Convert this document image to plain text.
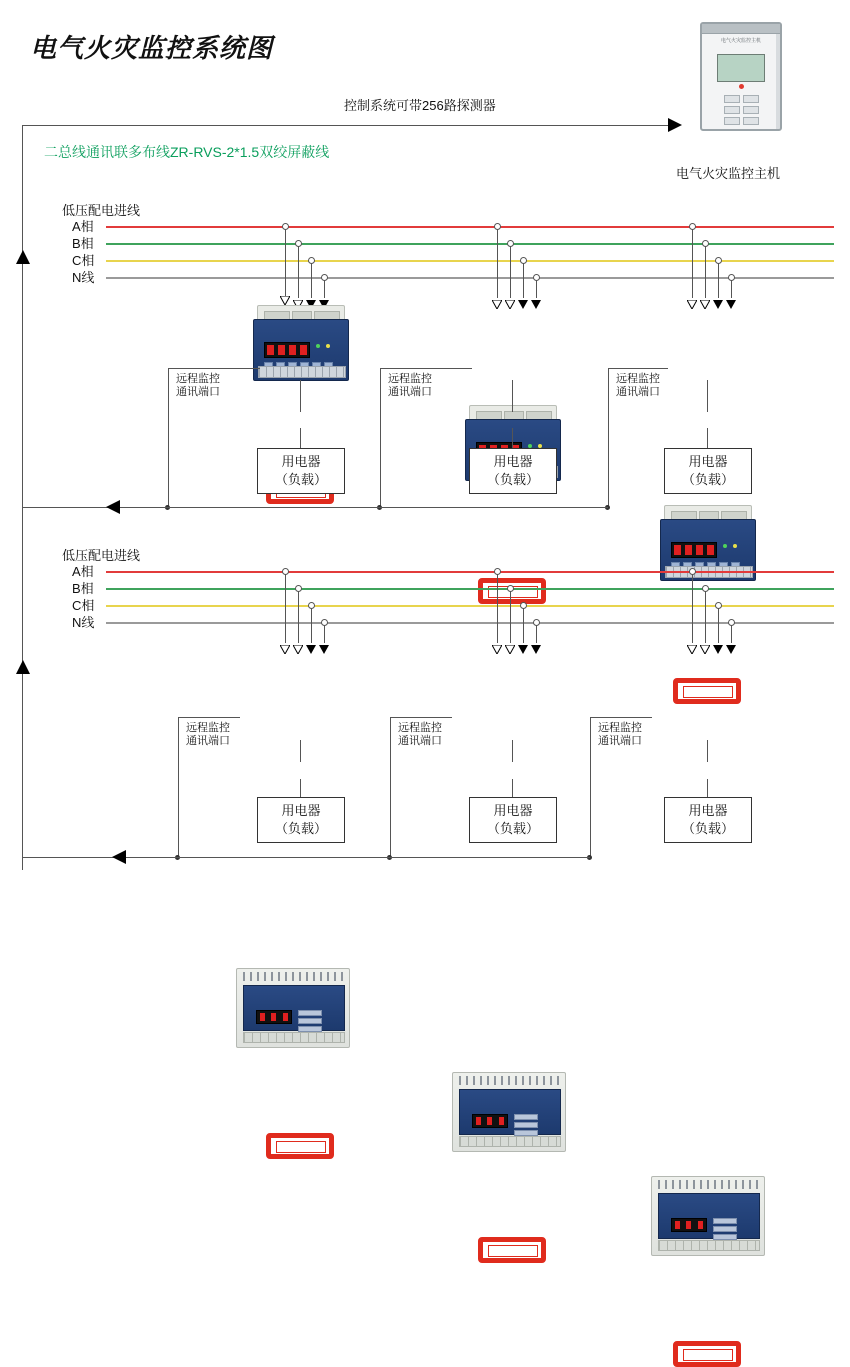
电气火灾监控系统图	电气火灾监控主机
电气火灾监控主机
控制系统可带256路探测器
二总线通讯联多布线ZR-RVS-2*1.5双绞屏蔽线
低压配电进线
A相
B相
C相
N线
用电器
（负载）
远程监控
通讯端口
用电器
（负载）
远程监控
通讯端口
用电器
（负载）
远程监控
通讯端口
低压配电进线
A相
B相
C相
N线
用电器
（负载）
远程监控
通讯端口
用电器
（负载）
远程监控
通讯端口
用电器
（负载）
远程监控
通讯端口
